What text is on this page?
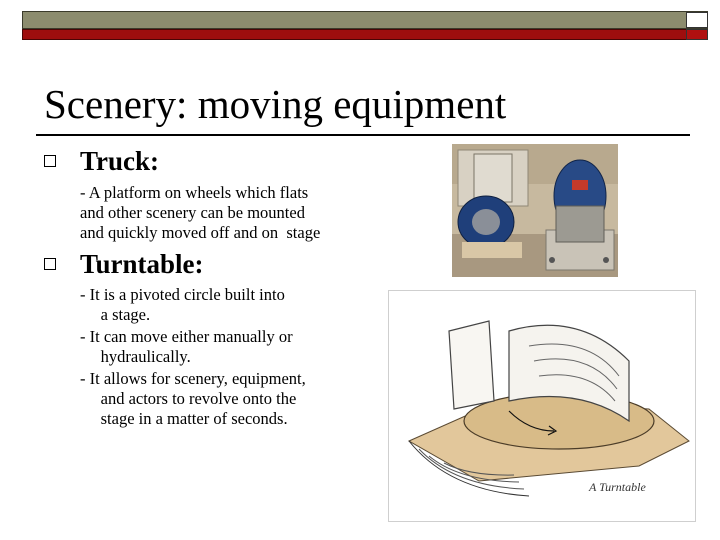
Scenery: moving equipment
Truck:
- A platform on wheels which flats
and other scenery can be mounted
and quickly moved off and on  stage
Turntable:
- It is a pivoted circle built into
a stage.
- It can move either manually or
hydraulically.
- It allows for scenery, equipment,
and actors to revolve onto the
stage in a matter of seconds.
A Turntable
